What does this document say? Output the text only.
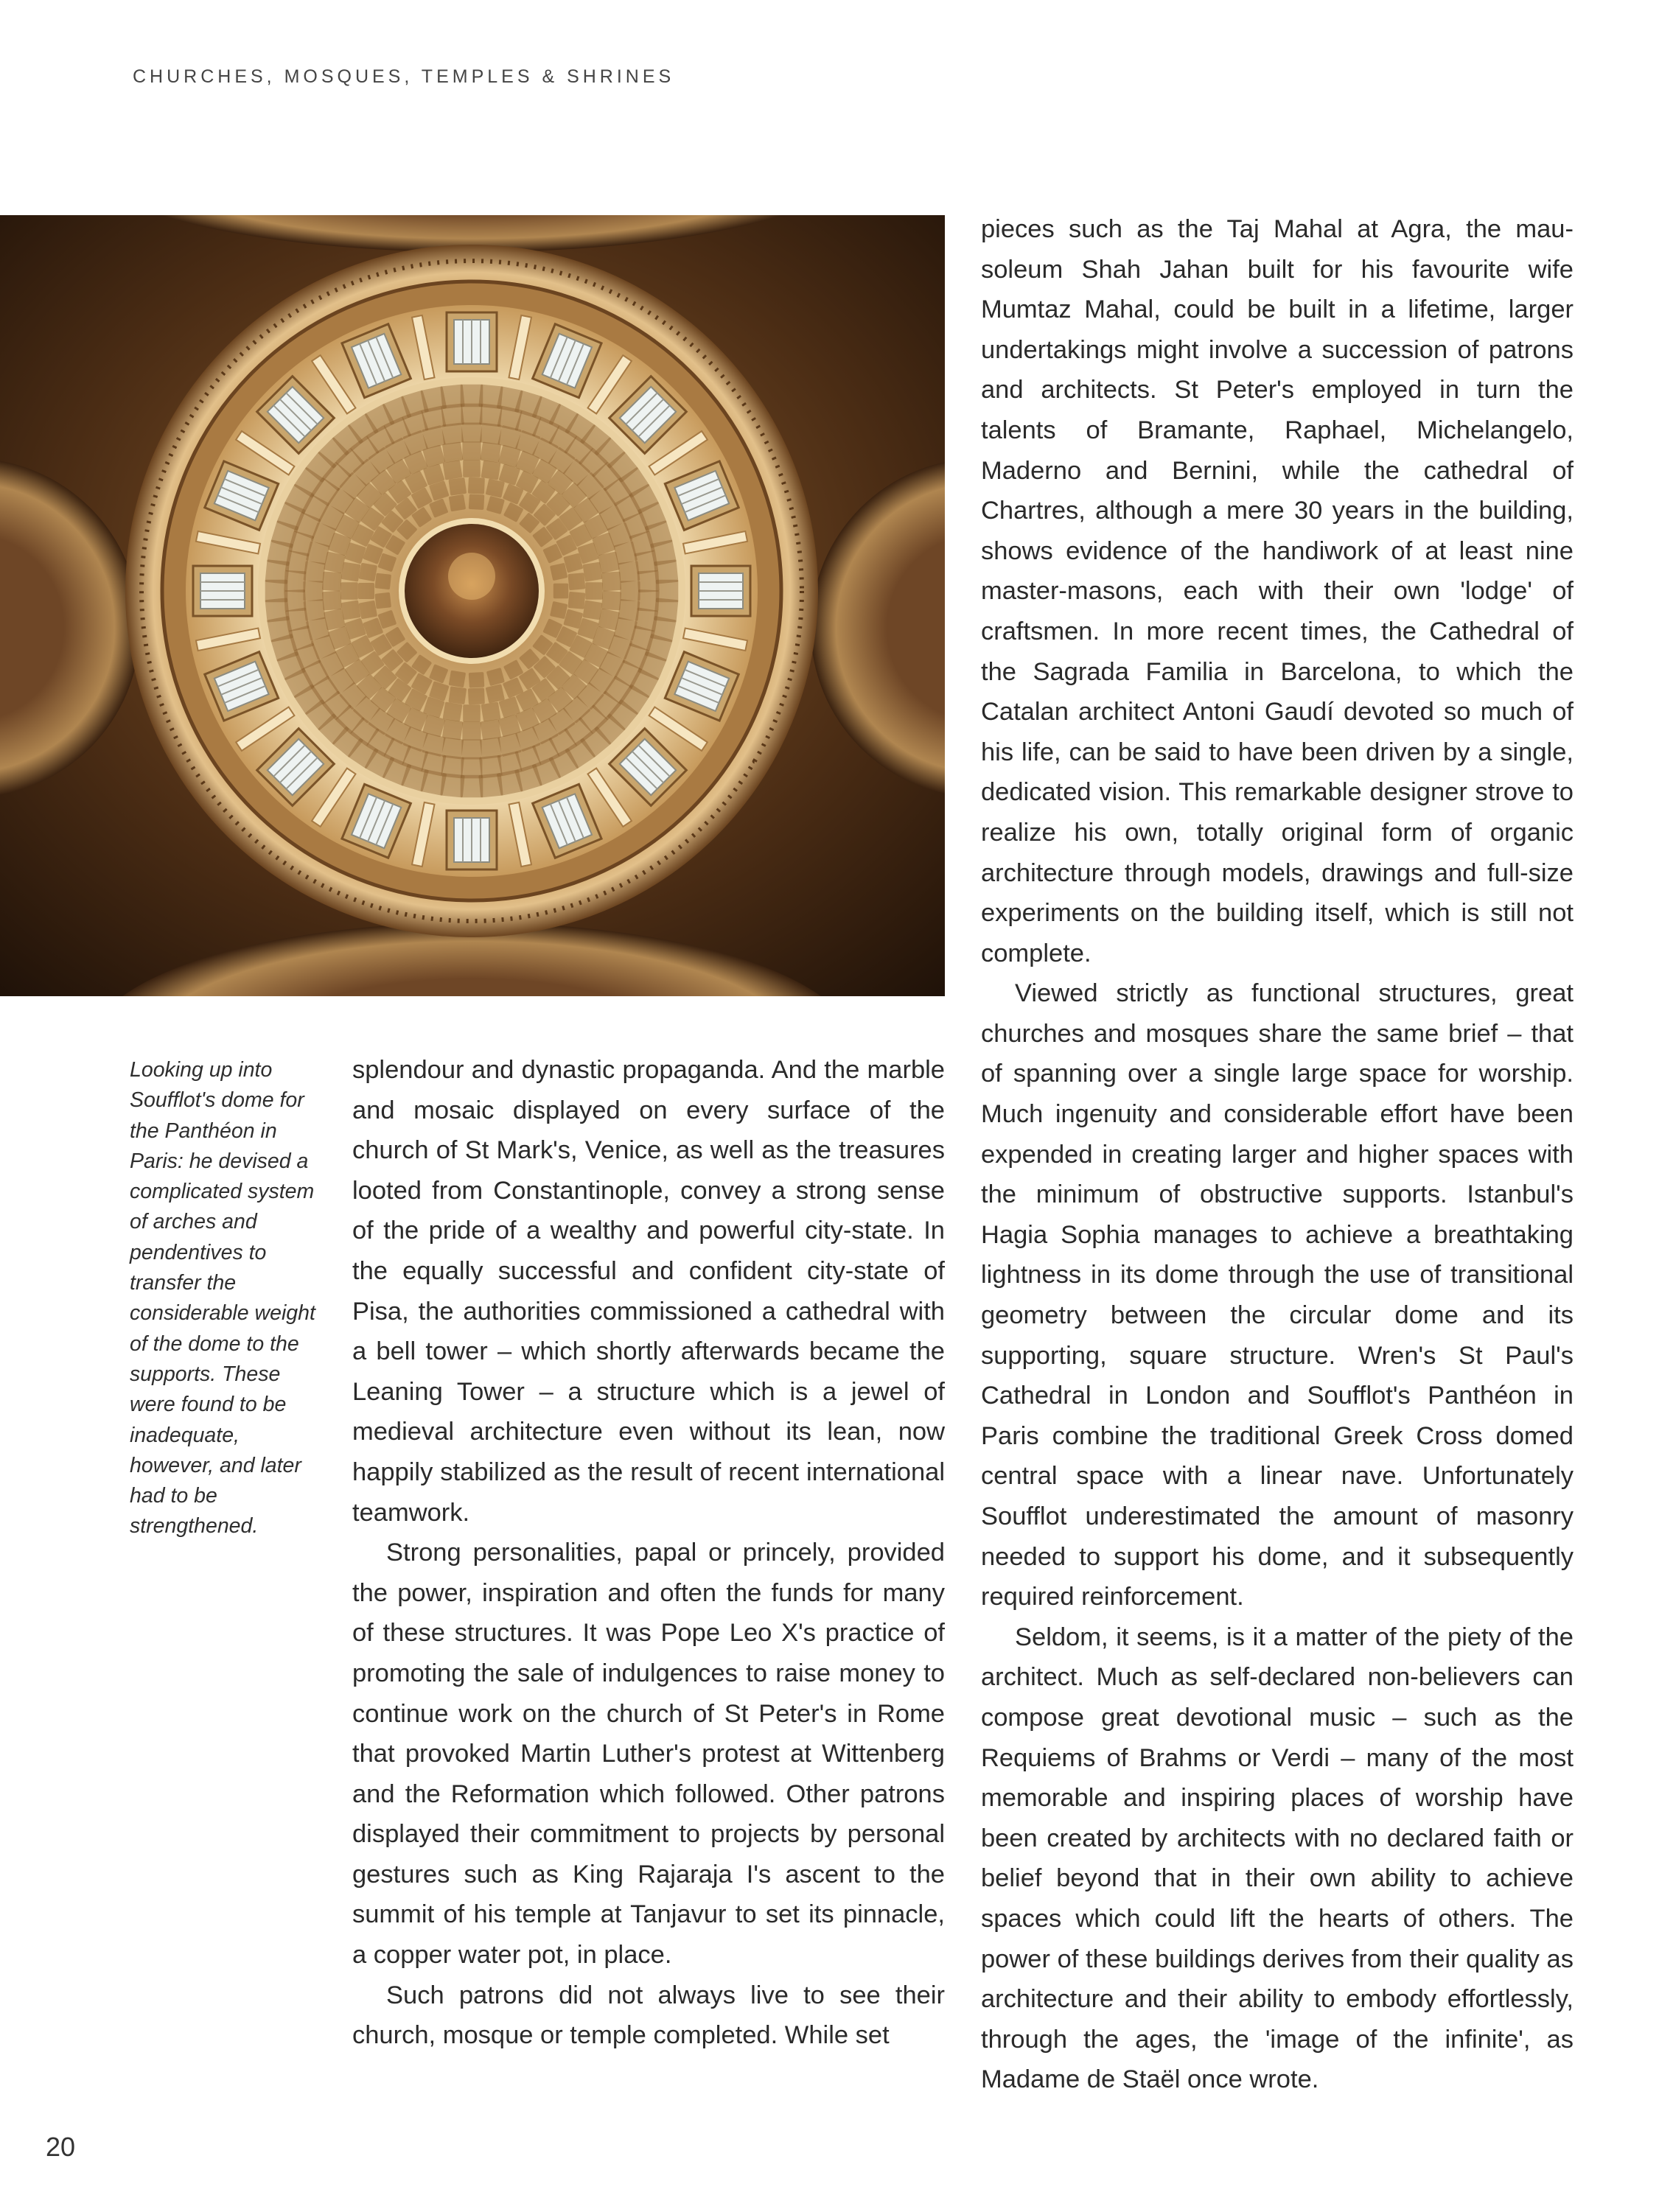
CHURCHES, MOSQUES, TEMPLES & SHRINES
Looking up into Soufflot's dome for the Panthéon in Paris: he devised a complicated system of arches and pendentives to transfer the considerable weight of the dome to the supports. These were found to be inadequate, however, and later had to be strengthened.

splendour and dynastic propaganda. And the marble and mosaic displayed on every surface of the church of St Mark's, Venice, as well as the treasures looted from Constantinople, convey a strong sense of the pride of a wealthy and powerful city-state. In the equally successful and confident city-state of Pisa, the authorities commissioned a cathedral with a bell tower – which shortly afterwards became the Leaning Tower – a structure which is a jewel of medieval architecture even without its lean, now happily stabilized as the result of recent international teamwork.

Strong personalities, papal or princely, provided the power, inspiration and often the funds for many of these structures. It was Pope Leo X's practice of promoting the sale of indulgences to raise money to continue work on the church of St Peter's in Rome that provoked Martin Luther's protest at Wittenberg and the Reformation which followed. Other patrons displayed their commitment to projects by personal gestures such as King Rajaraja I's ascent to the summit of his temple at Tanjavur to set its pinnacle, a copper water pot, in place.

Such patrons did not always live to see their church, mosque or temple completed. While set

pieces such as the Taj Mahal at Agra, the mausoleum Shah Jahan built for his favourite wife Mumtaz Mahal, could be built in a lifetime, larger undertakings might involve a succession of patrons and architects. St Peter's employed in turn the talents of Bramante, Raphael, Michelangelo, Maderno and Bernini, while the cathedral of Chartres, although a mere 30 years in the building, shows evidence of the handiwork of at least nine master-masons, each with their own 'lodge' of craftsmen. In more recent times, the Cathedral of the Sagrada Familia in Barcelona, to which the Catalan architect Antoni Gaudí devoted so much of his life, can be said to have been driven by a single, dedicated vision. This remarkable designer strove to realize his own, totally original form of organic architecture through models, drawings and full-size experiments on the building itself, which is still not complete.

Viewed strictly as functional structures, great churches and mosques share the same brief – that of spanning over a single large space for worship. Much ingenuity and considerable effort have been expended in creating larger and higher spaces with the minimum of obstructive supports. Istanbul's Hagia Sophia manages to achieve a breathtaking lightness in its dome through the use of transitional geometry between the circular dome and its supporting, square structure. Wren's St Paul's Cathedral in London and Soufflot's Panthéon in Paris combine the traditional Greek Cross domed central space with a linear nave. Unfortunately Soufflot underestimated the amount of masonry needed to support his dome, and it subsequently required reinforcement.

Seldom, it seems, is it a matter of the piety of the architect. Much as self-declared non-believers can compose great devotional music – such as the Requiems of Brahms or Verdi – many of the most memorable and inspiring places of worship have been created by architects with no declared faith or belief beyond that in their own ability to achieve spaces which could lift the hearts of others. The power of these buildings derives from their quality as architecture and their ability to embody effortlessly, through the ages, the 'image of the infinite', as Madame de Staël once wrote.

20
